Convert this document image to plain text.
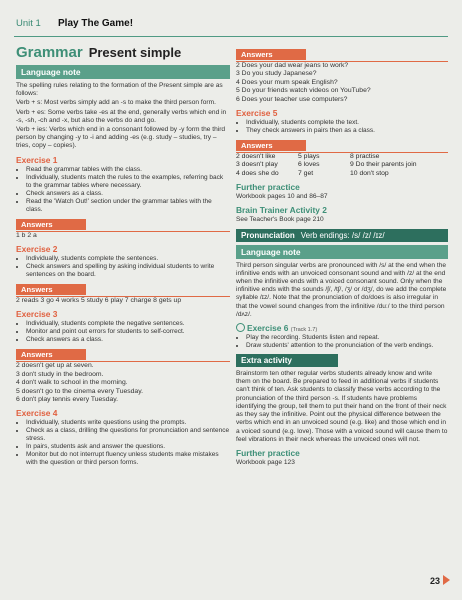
Unit 1 Play The Game!
Grammar Present simple
Language note

The spelling rules relating to the formation of the Present simple are as follows:

Verb + s: Most verbs simply add an -s to make the third person form.

Verb + es: Some verbs take -es at the end, generally verbs which end in -s, -sh, -ch and -x, but also the verbs do and go.

Verb + ies: Verbs which end in a consonant followed by -y form the third person by changing -y to -i and adding -es (e.g. study – studies, try – tries, copy – copies).

Exercise 1
• Read the grammar tables with the class.
• Individually, students match the rules to the examples, referring back to the grammar tables where necessary.
• Check answers as a class.
• Read the 'Watch Out!' section under the grammar tables with the class.
Answers
1 b 2 a
Exercise 2
• Individually, students complete the sentences.
• Check answers and spelling by asking individual students to write sentences on the board.
Answers
2 reads 3 go 4 works 5 study 6 play 7 charge 8 gets up
Exercise 3
• Individually, students complete the negative sentences.
• Monitor and point out errors for students to self-correct.
• Check answers as a class.
Answers
2 doesn't get up at seven.
3 don't study in the bedroom.
4 don't walk to school in the morning.
5 doesn't go to the cinema every Tuesday.
6 don't play tennis every Tuesday.
Exercise 4
• Individually, students write questions using the prompts.
• Check as a class, drilling the questions for pronunciation and sentence stress.
• In pairs, students ask and answer the questions.
• Monitor but do not interrupt fluency unless students make mistakes with the question or third person forms.
Answers
2 Does your dad wear jeans to work?
3 Do you study Japanese?
4 Does your mum speak English?
5 Do your friends watch videos on YouTube?
6 Does your teacher use computers?
Exercise 5
• Individually, students complete the text.
• They check answers in pairs then as a class.
Answers
2 doesn't like	5 plays	8 practise
3 doesn't play	6 loves	9 Do their parents join
4 does she do	7 get	10 don't stop
Further practice
Workbook pages 10 and 86–87
Brain Trainer Activity 2
See Teacher's Book page 210
Pronunciation Verb endings: /s/ /z/ /ɪz/
Language note
Third person singular verbs are pronounced with /s/ at the end when the infinitive ends with an unvoiced consonant sound and with /z/ at the end when the infinitive ends with a voiced consonant sound. Only when the infinitive ends with the sounds /ʃ/, /tʃ/, /ʒ/ or /dʒ/, do we add the complete syllable /ɪz/. Note that the pronunciation of do/does is also irregular in that the vowel sound changes from the infinitive /duː/ to the third person /dʌz/.
Exercise 6 (Track 1.7)
• Play the recording. Students listen and repeat.
• Draw students' attention to the pronunciation of the verb endings.
Extra activity
Brainstorm ten other regular verbs students already know and write them on the board. Be prepared to feed in additional verbs if students can't think of ten. Ask students to classify these verbs according to the pronunciation of the third person -s. If students have problems identifying the group, tell them to put their hand on the front of their neck as they say the infinitive. Point out the physical difference between the verbs which end in an unvoiced sound (e.g. like) and those which end in a voiced sound (e.g. love). Those with a voiced sound will cause them to feel vibrations in their neck whereas the unvoiced ones will not.
Further practice
Workbook page 123
23
